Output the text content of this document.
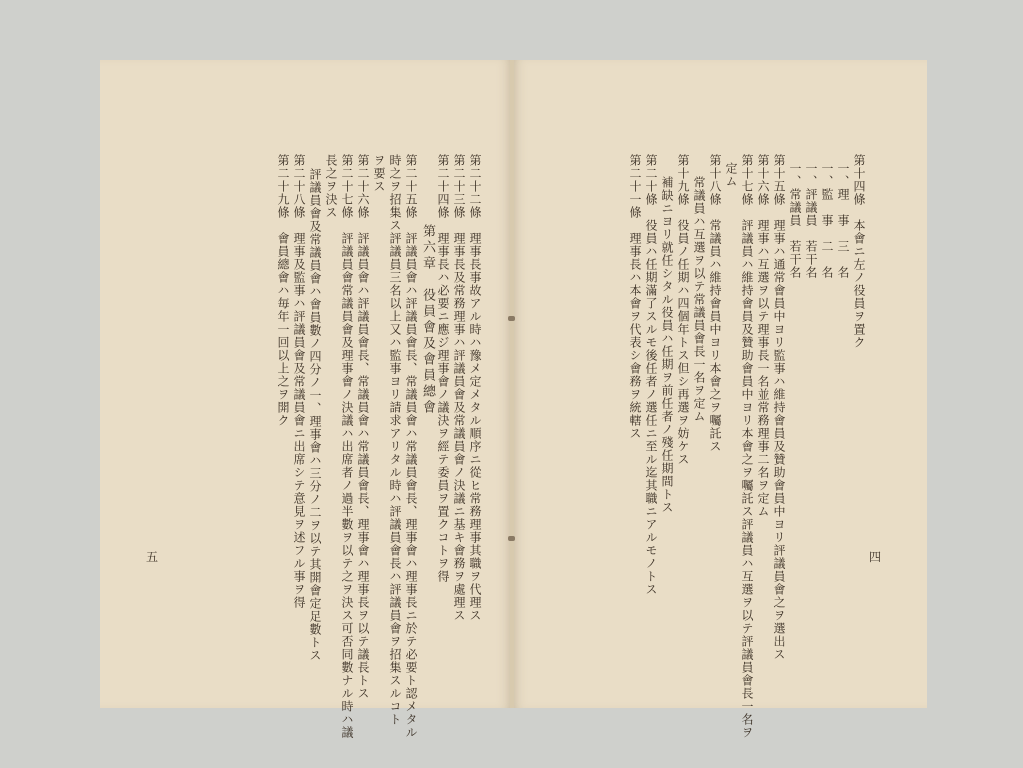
第二十二條　理事長事故アル時ハ豫メ定メタル順序ニ從ヒ常務理事其職ヲ代理ス
第二十三條　理事長及常務理事ハ評議員會及常議員會ノ決議ニ基キ會務ヲ處理ス
第二十四條　理事長ハ必要ニ應ジ理事會ノ議決ヲ經テ委員ヲ置クコトヲ得
第六章　役員會及會員總會
第二十五條　評議員會ハ評議員會長、常議員會ハ常議員會長、理事會ハ理事長ニ於テ必要ト認メタル
時之ヲ招集ス評議員三名以上又ハ監事ヨリ請求アリタル時ハ評議員會長ハ評議員會ヲ招集スルコト
ヲ要ス
第二十六條　評議員會ハ評議員會長、常議員會ハ常議員會長、理事會ハ理事長ヲ以テ議長トス
第二十七條　評議員會常議員會及理事會ノ決議ハ出席者ノ過半數ヲ以テ之ヲ決ス可否同數ナル時ハ議
長之ヲ決ス
評議員會及常議員會ハ會員數ノ四分ノ一、理事會ハ三分ノ二ヲ以テ其開會定足數トス
第二十八條　理事及監事ハ評議員會及常議員會ニ出席シテ意見ヲ述フル事ヲ得
第二十九條　會員總會ハ毎年一回以上之ヲ開ク
五
第十四條　本會ニ左ノ役員ヲ置ク
一、理　事　三　名
一、監　事　二　名
一、評議員　若干名
一、常議員　若干名
第十五條　理事ハ通常會員中ヨリ監事ハ維持會員及贊助會員中ヨリ評議員會之ヲ選出ス
第十六條　理事ハ互選ヲ以テ理事長一名並常務理事二名ヲ定ム
第十七條　評議員ハ維持會員及贊助會員中ヨリ本會之ヲ囑託ス評議員ハ互選ヲ以テ評議員會長一名ヲ
定ム
第十八條　常議員ハ維持會員中ヨリ本會之ヲ囑託ス
常議員ハ互選ヲ以テ常議員會長一名ヲ定ム
第十九條　役員ノ任期ハ四個年トス但シ再選ヲ妨ケス
補缺ニヨリ就任シタル役員ハ任期ヲ前任者ノ殘任期間トス
第二十條　役員ハ任期滿了スルモ後任者ノ選任ニ至ル迄其職ニアルモノトス
第二十一條　理事長ハ本會ヲ代表シ會務ヲ統轄ス
四
